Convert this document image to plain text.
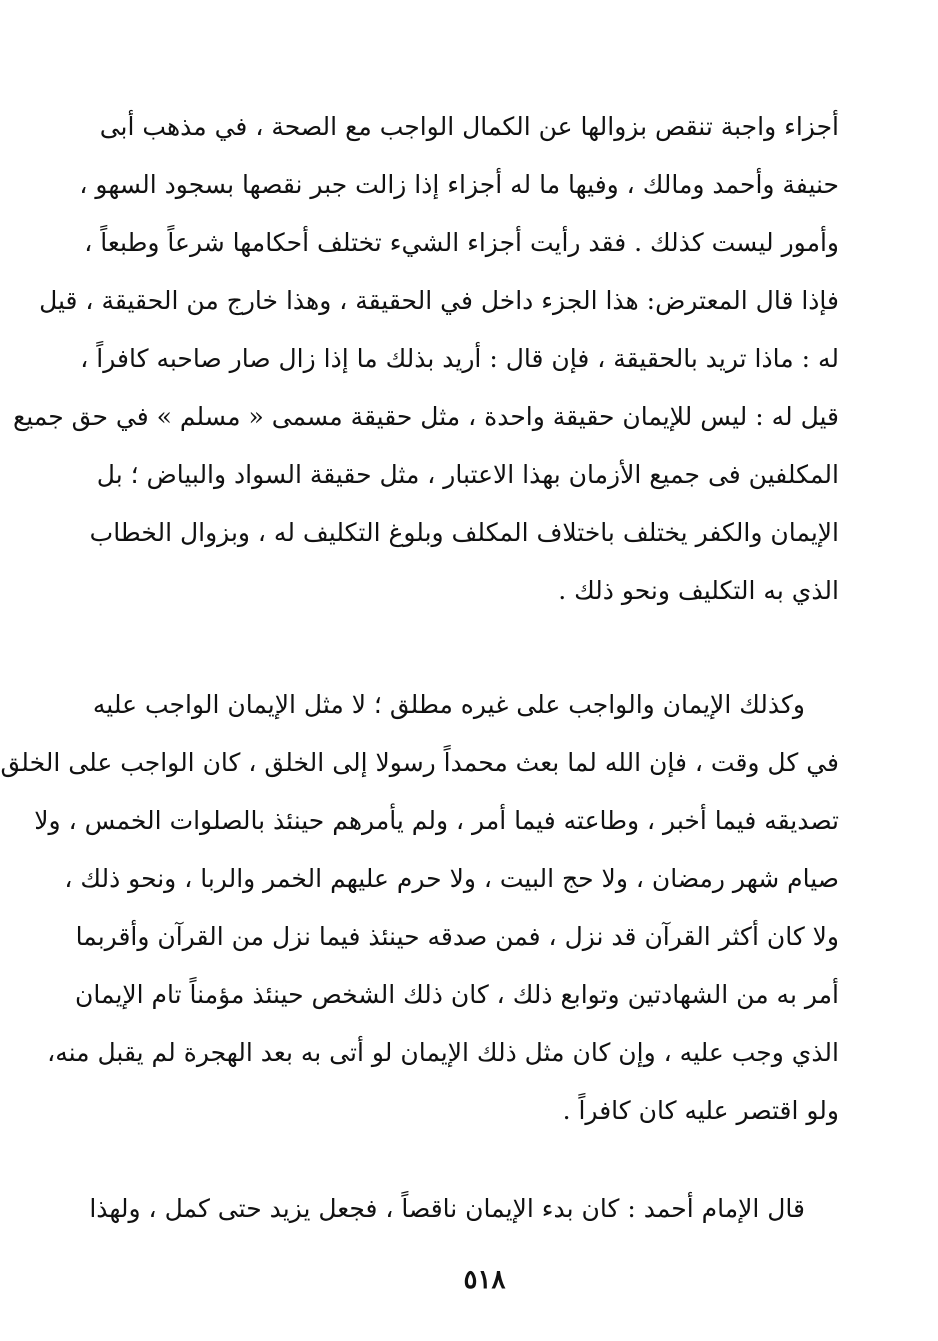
أجزاء واجبة تنقص بزوالها عن الكمال الواجب مع الصحة ، في مذهب أبى
حنيفة وأحمد ومالك ، وفيها ما له أجزاء إذا زالت جبر نقصها بسجود السهو ،
وأمور ليست كذلك . فقد رأيت أجزاء الشيء تختلف أحكامها شرعاً وطبعاً ،
فإذا قال المعترض: هذا الجزء داخل في الحقيقة ، وهذا خارج من الحقيقة ، قيل
له : ماذا تريد بالحقيقة ، فإن قال : أريد بذلك ما إذا زال صار صاحبه كافراً ،
قيل له : ليس للإيمان حقيقة واحدة ، مثل حقيقة مسمى « مسلم » في حق جميع
المكلفين فى جميع الأزمان بهذا الاعتبار ، مثل حقيقة السواد والبياض ؛ بل
الإيمان والكفر يختلف باختلاف المكلف وبلوغ التكليف له ، وبزوال الخطاب
الذي به التكليف ونحو ذلك .
وكذلك الإيمان والواجب على غيره مطلق ؛ لا مثل الإيمان الواجب عليه
في كل وقت ، فإن الله لما بعث محمداً رسولا إلى الخلق ، كان الواجب على الخلق
تصديقه فيما أخبر ، وطاعته فيما أمر ، ولم يأمرهم حينئذ بالصلوات الخمس ، ولا
صيام شهر رمضان ، ولا حج البيت ، ولا حرم عليهم الخمر والربا ، ونحو ذلك ،
ولا كان أكثر القرآن قد نزل ، فمن صدقه حينئذ فيما نزل من القرآن وأقربما
أمر به من الشهادتين وتوابع ذلك ، كان ذلك الشخص حينئذ مؤمناً تام الإيمان
الذي وجب عليه ، وإن كان مثل ذلك الإيمان لو أتى به بعد الهجرة لم يقبل منه،
ولو اقتصر عليه كان كافراً .
قال الإمام أحمد : كان بدء الإيمان ناقصاً ، فجعل يزيد حتى كمل ، ولهذا
٥١٨
